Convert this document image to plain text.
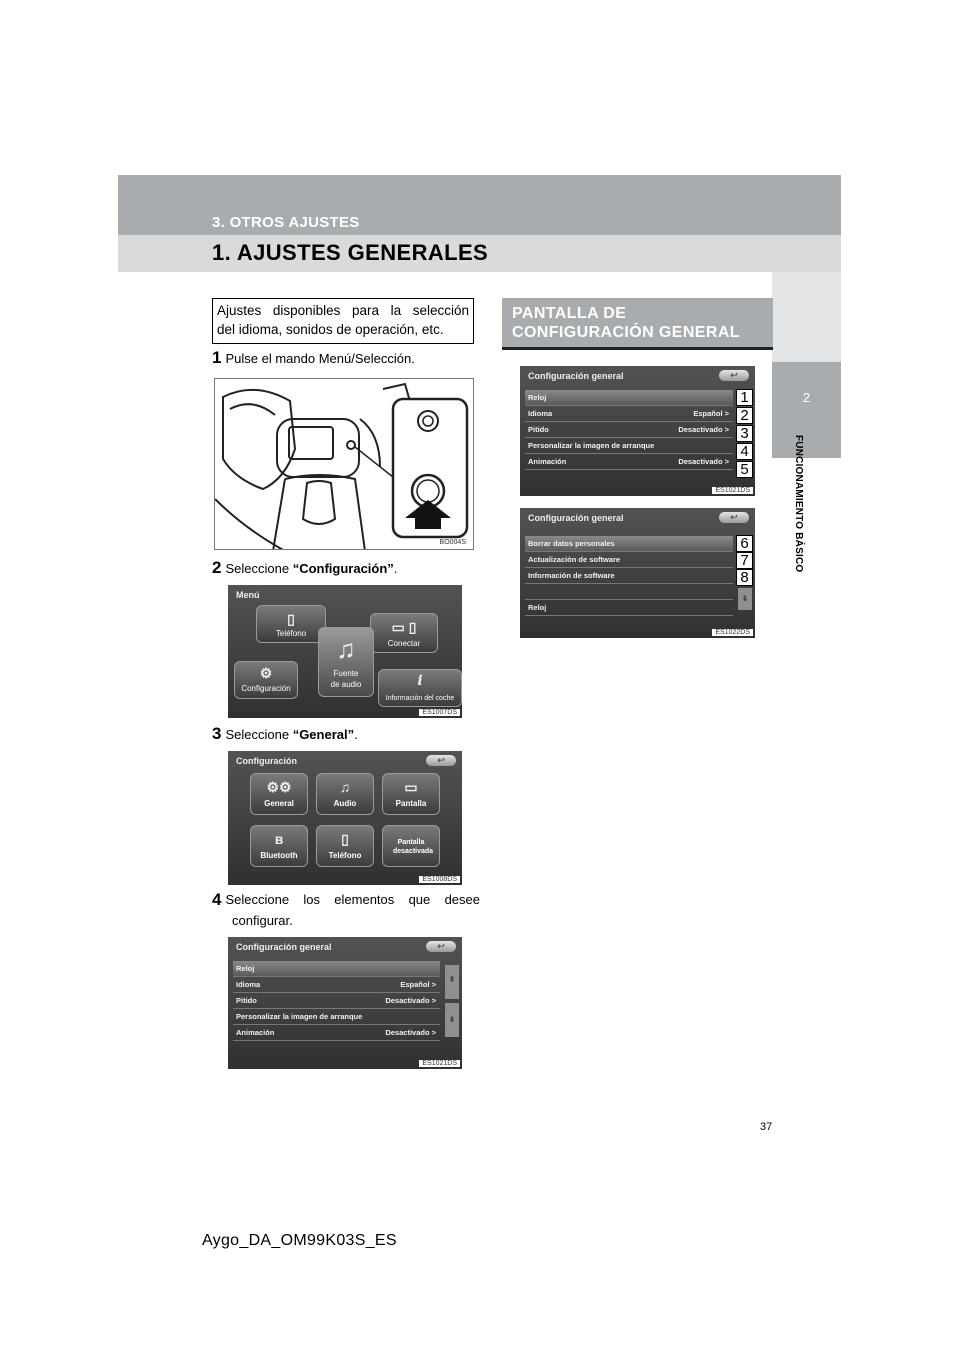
3. OTROS AJUSTES
1. AJUSTES GENERALES
2
FUNCIONAMIENTO BÁSICO
Ajustes disponibles para la selección
del idioma, sonidos de operación, etc.
1 Pulse el mando Menú/Selección.
BO004S
2 Seleccione “Configuración”.
Menú
▯
Teléfono	▭ ▯
Conectar
♫
Fuente
de audio
⚙
Configuración	i
Información del coche
ES1007DS
3 Seleccione “General”.
Configuración	↩
⚙⚙
General
♫
Audio
▭
Pantalla
ʙ
Bluetooth
▯
Teléfono
Pantalla desactivada
ES1008DS
4 Seleccione los elementos que desee
configurar.
Configuración general	↩
Reloj
Idioma	Español >
Pitido	Desactivado >
Personalizar la imagen de arranque
Animación	Desactivado >
⇞
⇟
ES1021DS
PANTALLA DE
CONFIGURACIÓN GENERAL
Configuración general	↩
Reloj
Idioma	Español >
Pitido	Desactivado >
Personalizar la imagen de arranque
Animación	Desactivado >
1
2
3
4
5
ES1021DS
Configuración general	↩
Borrar datos personales
Actualización de software
Información de software
Reloj
6
7
8
⇟
ES1022DS
37
Aygo_DA_OM99K03S_ES
